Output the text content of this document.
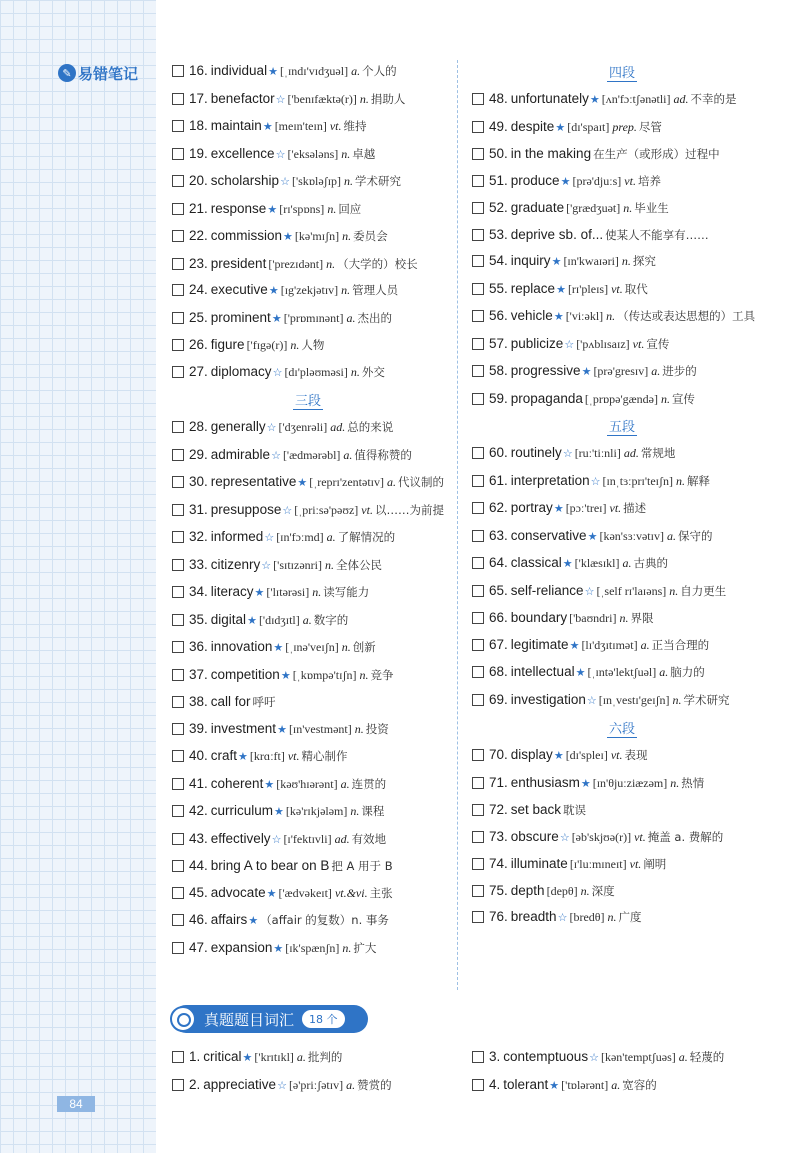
✎ 易错笔记	16. individual★ [ˌɪndɪ'vɪdʒuəl] a. 个人的
17. benefactor☆ ['benɪfæktə(r)] n. 捐助人
18. maintain★ [meɪn'teɪn] vt. 维持
19. excellence☆ ['eksələns] n. 卓越
20. scholarship☆ ['skɒləʃɪp] n. 学术研究
21. response★ [rɪ'spɒns] n. 回应
22. commission★ [kə'mɪʃn] n. 委员会
23. president ['prezɪdənt] n. （大学的）校长
24. executive★ [ɪg'zekjətɪv] n. 管理人员
25. prominent★ ['prɒmɪnənt] a. 杰出的
26. figure ['fɪgə(r)] n. 人物
27. diplomacy☆ [dɪ'pləʊməsi] n. 外交
三段
28. generally☆ ['dʒenrəli] ad. 总的来说
29. admirable☆ ['ædmərəbl] a. 值得称赞的
30. representative★ [ˌreprɪ'zentətɪv] a. 代议制的
31. presuppose☆ [ˌpriːsə'pəʊz] vt. 以……为前提
32. informed☆ [ɪn'fɔːmd] a. 了解情况的
33. citizenry☆ ['sɪtɪzənri] n. 全体公民
34. literacy★ ['lɪtərəsi] n. 读写能力
35. digital★ ['dɪdʒɪtl] a. 数字的
36. innovation★ [ˌɪnə'veɪʃn] n. 创新
37. competition★ [ˌkɒmpə'tɪʃn] n. 竞争
38. call for 呼吁
39. investment★ [ɪn'vestmənt] n. 投资
40. craft★ [krɑːft] vt. 精心制作
41. coherent★ [kəʊ'hɪərənt] a. 连贯的
42. curriculum★ [kə'rɪkjələm] n. 课程
43. effectively☆ [ɪ'fektɪvli] ad. 有效地
44. bring A to bear on B 把 A 用于 B
45. advocate★ ['ædvəkeɪt] vt.&vi. 主张
46. affairs★ （affair 的复数）n. 事务
47. expansion★ [ɪk'spænʃn] n. 扩大
四段
48. unfortunately★ [ʌn'fɔːtʃənətli] ad. 不幸的是
49. despite★ [dɪ'spaɪt] prep. 尽管
50. in the making 在生产（或形成）过程中
51. produce★ [prə'djuːs] vt. 培养
52. graduate ['grædʒuət] n. 毕业生
53. deprive sb. of... 使某人不能享有……
54. inquiry★ [ɪn'kwaɪəri] n. 探究
55. replace★ [rɪ'pleɪs] vt. 取代
56. vehicle★ ['viːəkl] n. （传达或表达思想的）工具
57. publicize☆ ['pʌblɪsaɪz] vt. 宣传
58. progressive★ [prə'gresɪv] a. 进步的
59. propaganda [ˌprɒpə'gændə] n. 宣传
五段
60. routinely☆ [ruː'tiːnli] ad. 常规地
61. interpretation☆ [ɪnˌtɜːprɪ'teɪʃn] n. 解释
62. portray★ [pɔː'treɪ] vt. 描述
63. conservative★ [kən'sɜːvətɪv] a. 保守的
64. classical★ ['klæsɪkl] a. 古典的
65. self-reliance☆ [ˌself rɪ'laɪəns] n. 自力更生
66. boundary ['baʊndri] n. 界限
67. legitimate★ [lɪ'dʒɪtɪmət] a. 正当合理的
68. intellectual★ [ˌɪntə'lektʃuəl] a. 脑力的
69. investigation☆ [ɪnˌvestɪ'geɪʃn] n. 学术研究
六段
70. display★ [dɪ'spleɪ] vt. 表现
71. enthusiasm★ [ɪn'θjuːziæzəm] n. 热情
72. set back 耽误
73. obscure☆ [əb'skjʊə(r)] vt. 掩盖 a. 费解的
74. illuminate [ɪ'luːmɪneɪt] vt. 阐明
75. depth [depθ] n. 深度
76. breadth☆ [bredθ] n. 广度
真题题目词汇	18 个
1. critical★ ['krɪtɪkl] a. 批判的
2. appreciative☆ [ə'priːʃətɪv] a. 赞赏的
3. contemptuous☆ [kən'temptʃuəs] a. 轻蔑的
4. tolerant★ ['tɒlərənt] a. 宽容的
84
